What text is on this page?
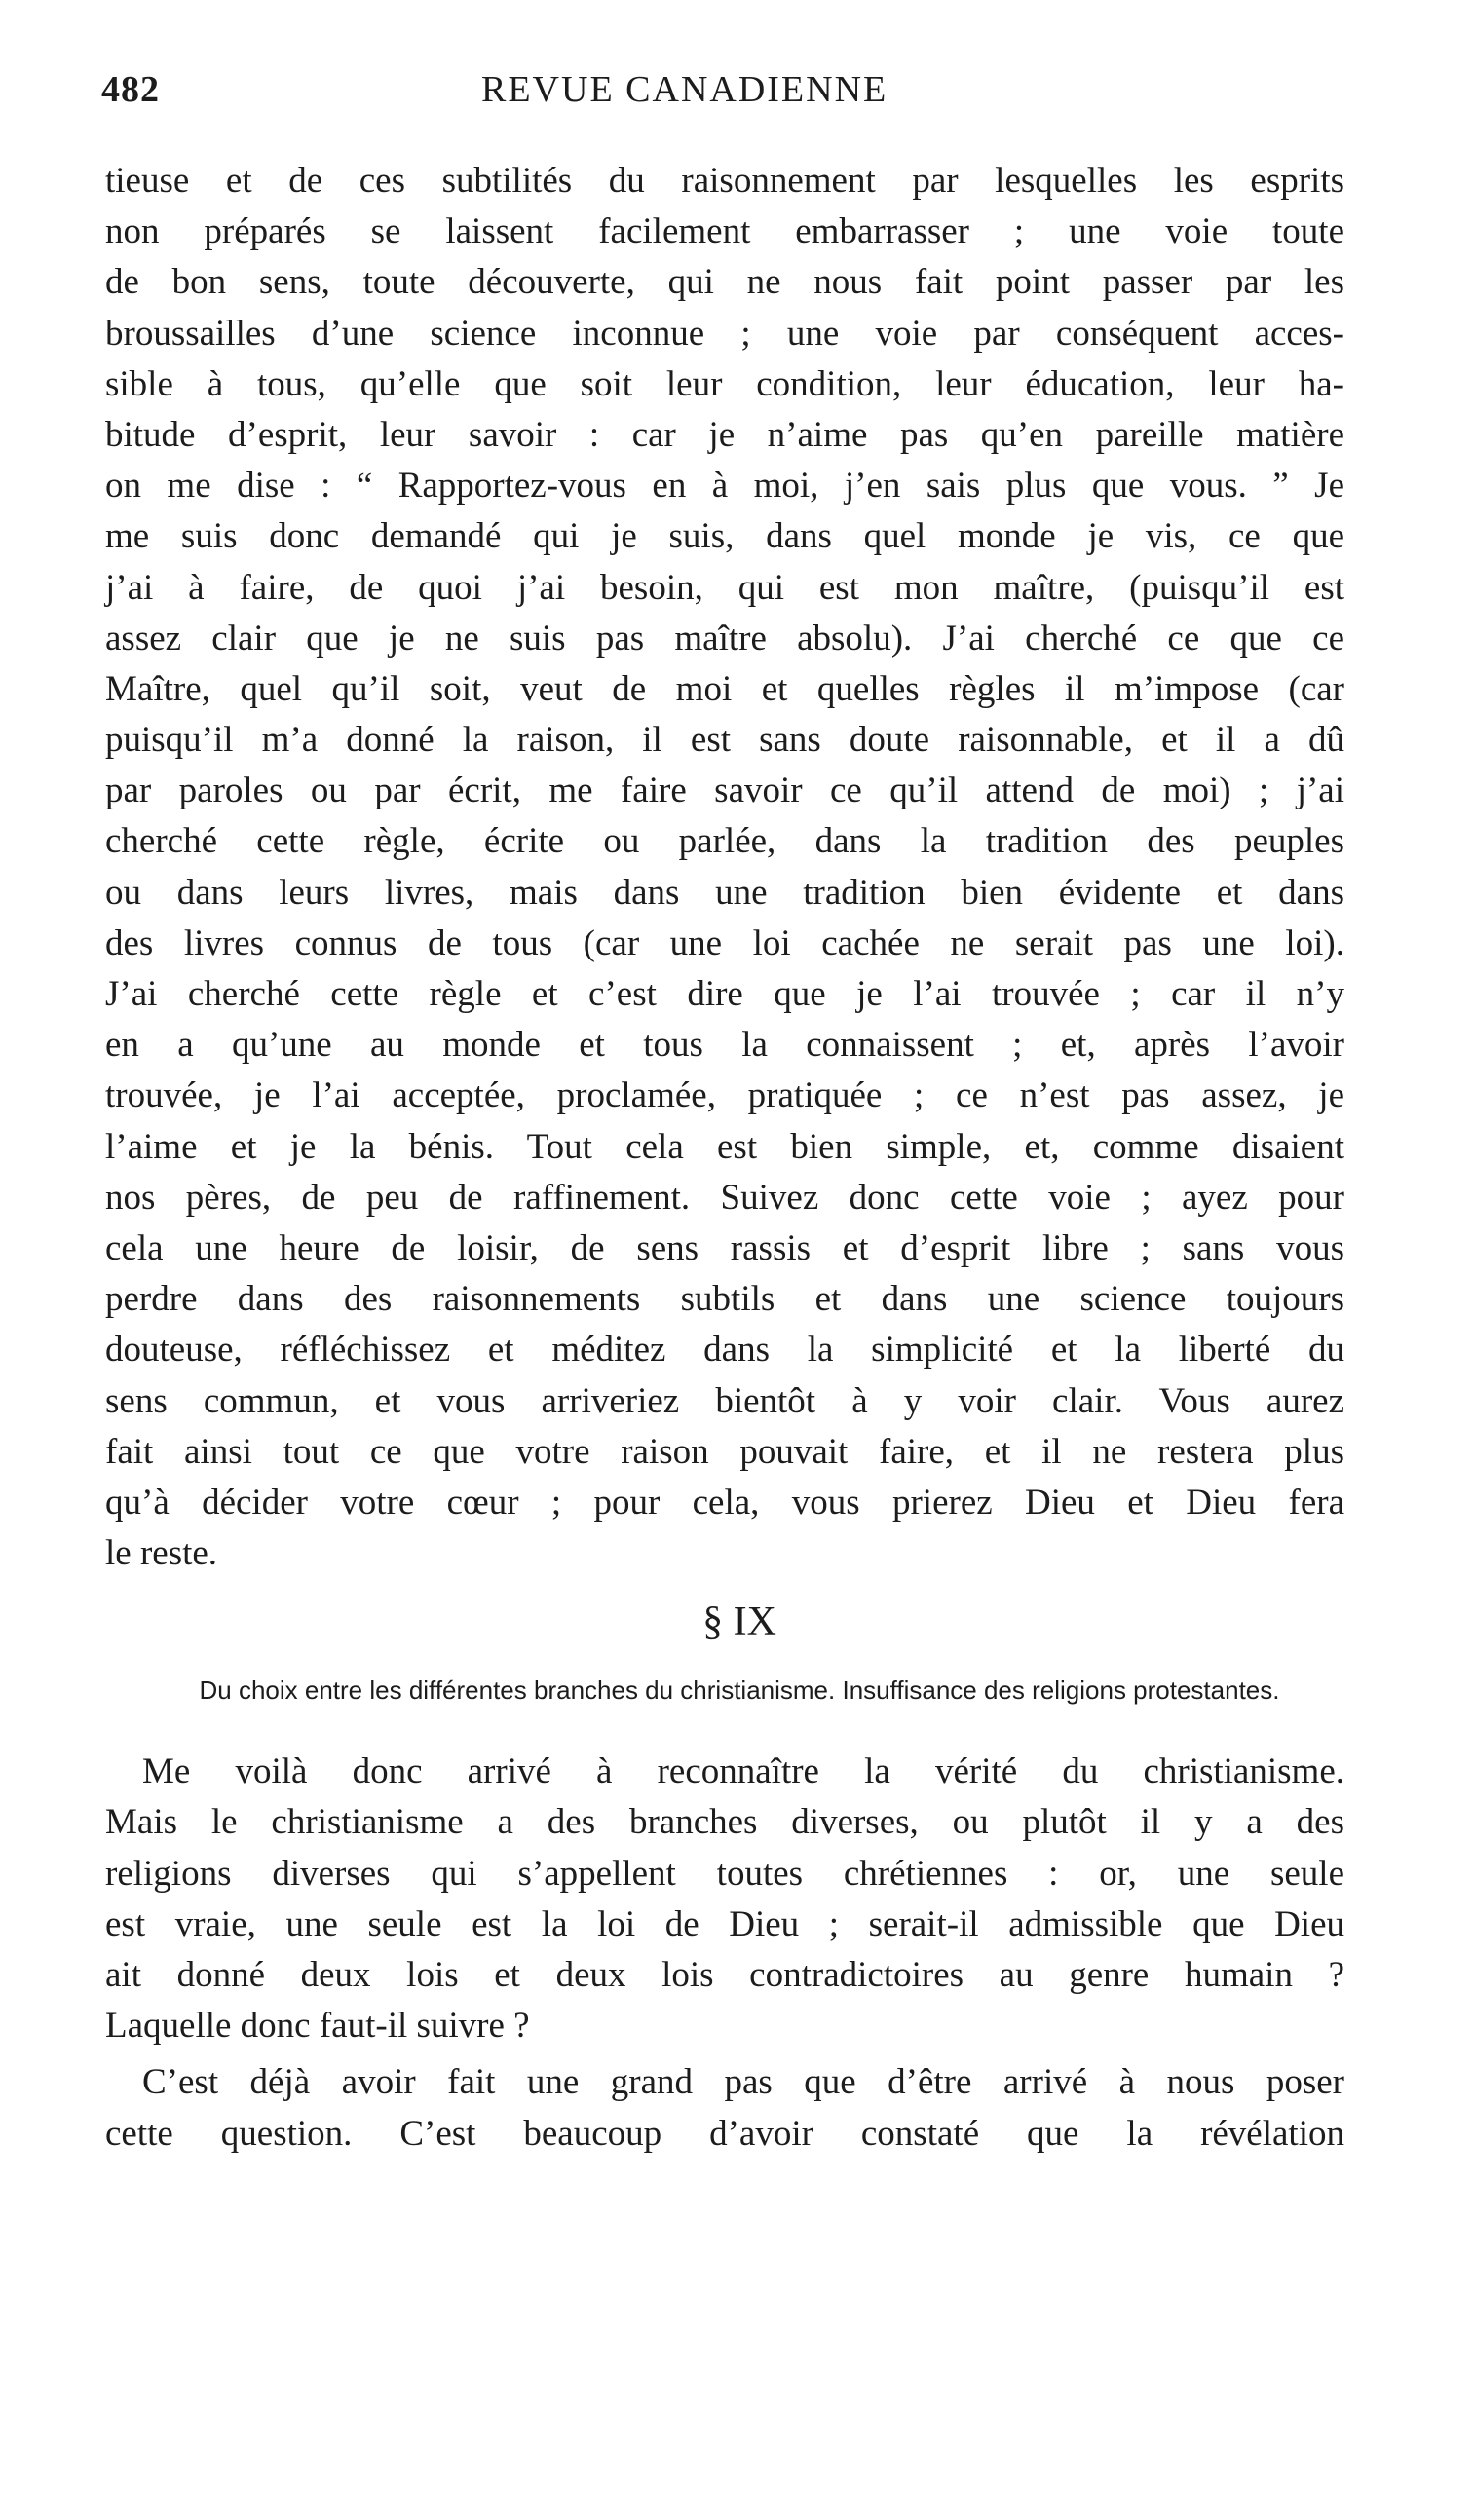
482	REVUE CANADIENNE
tieuse et de ces subtilités du raisonnement par lesquelles les esprits
non préparés se laissent facilement embarrasser ; une voie toute
de bon sens, toute découverte, qui ne nous fait point passer par les
broussailles d’une science inconnue ; une voie par conséquent acces-
sible à tous, qu’elle que soit leur condition, leur éducation, leur ha-
bitude d’esprit, leur savoir : car je n’aime pas qu’en pareille matière
on me dise : “ Rapportez-vous en à moi, j’en sais plus que vous. ” Je
me suis donc demandé qui je suis, dans quel monde je vis, ce que
j’ai à faire, de quoi j’ai besoin, qui est mon maître, (puisqu’il est
assez clair que je ne suis pas maître absolu). J’ai cherché ce que ce
Maître, quel qu’il soit, veut de moi et quelles règles il m’impose (car
puisqu’il m’a donné la raison, il est sans doute raisonnable, et il a dû
par paroles ou par écrit, me faire savoir ce qu’il attend de moi) ; j’ai
cherché cette règle, écrite ou parlée, dans la tradition des peuples
ou dans leurs livres, mais dans une tradition bien évidente et dans
des livres connus de tous (car une loi cachée ne serait pas une loi).
J’ai cherché cette règle et c’est dire que je l’ai trouvée ; car il n’y
en a qu’une au monde et tous la connaissent ; et, après l’avoir
trouvée, je l’ai acceptée, proclamée, pratiquée ; ce n’est pas assez, je
l’aime et je la bénis. Tout cela est bien simple, et, comme disaient
nos pères, de peu de raffinement. Suivez donc cette voie ; ayez pour
cela une heure de loisir, de sens rassis et d’esprit libre ; sans vous
perdre dans des raisonnements subtils et dans une science toujours
douteuse, réfléchissez et méditez dans la simplicité et la liberté du
sens commun, et vous arriveriez bientôt à y voir clair. Vous aurez
fait ainsi tout ce que votre raison pouvait faire, et il ne restera plus
qu’à décider votre cœur ; pour cela, vous prierez Dieu et Dieu fera
le reste.
§ IX
Du choix entre les différentes branches du christianisme. Insuffisance des religions protestantes.
Me voilà donc arrivé à reconnaître la vérité du christianisme.
Mais le christianisme a des branches diverses, ou plutôt il y a des
religions diverses qui s’appellent toutes chrétiennes : or, une seule
est vraie, une seule est la loi de Dieu ; serait-il admissible que Dieu
ait donné deux lois et deux lois contradictoires au genre humain ?
Laquelle donc faut-il suivre ?
C’est déjà avoir fait une grand pas que d’être arrivé à nous poser
cette question. C’est beaucoup d’avoir constaté que la révélation
